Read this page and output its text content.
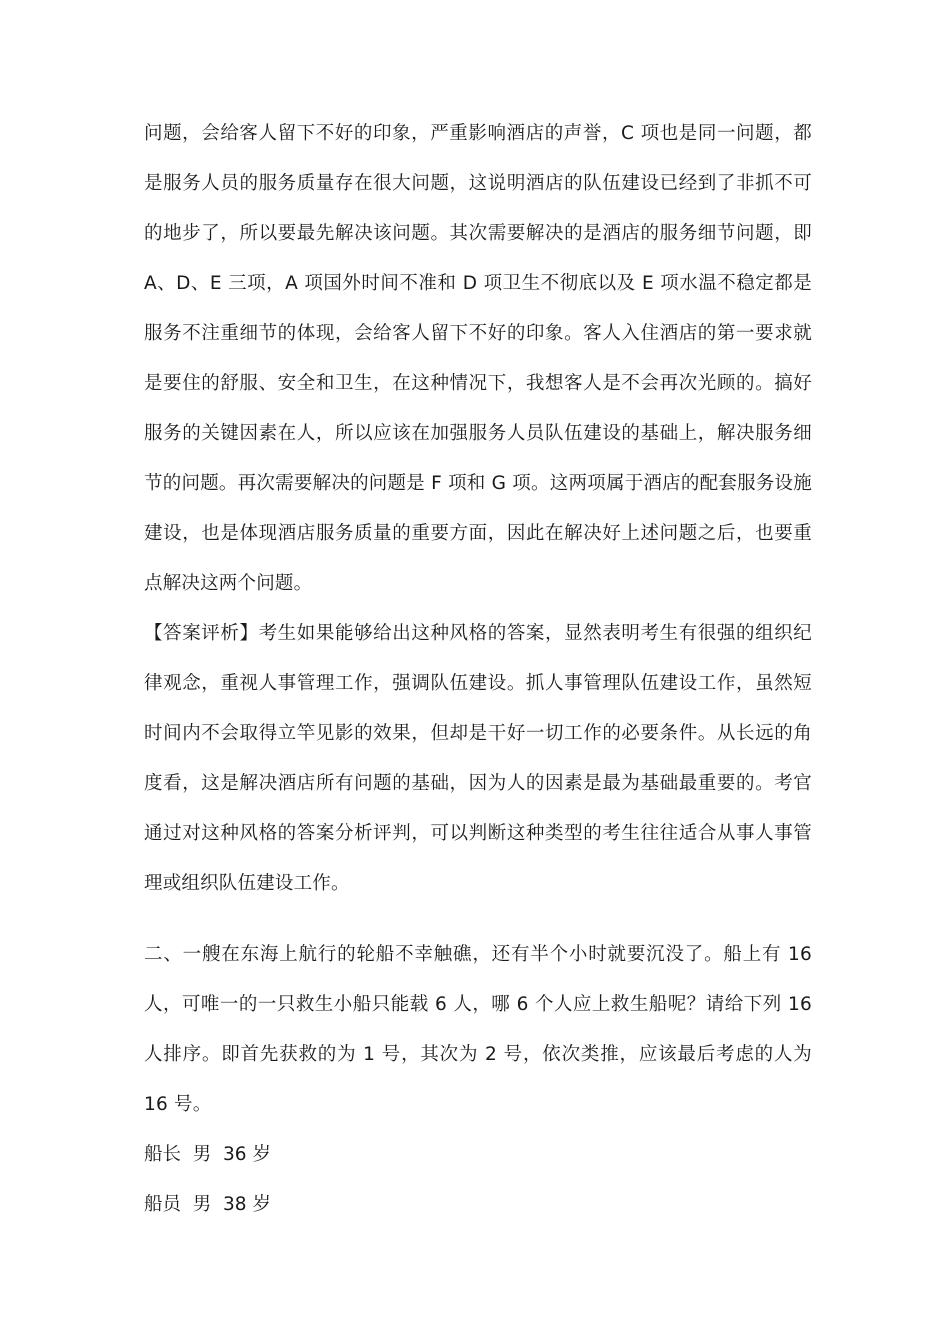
问题，会给客人留下不好的印象，严重影响酒店的声誉，C 项也是同一问题，都是服务人员的服务质量存在很大问题，这说明酒店的队伍建设已经到了非抓不可的地步了，所以要最先解决该问题。其次需要解决的是酒店的服务细节问题，即A、D、E 三项，A 项国外时间不准和 D 项卫生不彻底以及 E 项水温不稳定都是服务不注重细节的体现，会给客人留下不好的印象。客人入住酒店的第一要求就是要住的舒服、安全和卫生，在这种情况下，我想客人是不会再次光顾的。搞好服务的关键因素在人，所以应该在加强服务人员队伍建设的基础上，解决服务细节的问题。再次需要解决的问题是 F 项和 G 项。这两项属于酒店的配套服务设施建设，也是体现酒店服务质量的重要方面，因此在解决好上述问题之后，也要重点解决这两个问题。

【答案评析】考生如果能够给出这种风格的答案，显然表明考生有很强的组织纪律观念，重视人事管理工作，强调队伍建设。抓人事管理队伍建设工作，虽然短时间内不会取得立竿见影的效果，但却是干好一切工作的必要条件。从长远的角度看，这是解决酒店所有问题的基础，因为人的因素是最为基础最重要的。考官通过对这种风格的答案分析评判，可以判断这种类型的考生往往适合从事人事管理或组织队伍建设工作。

二、一艘在东海上航行的轮船不幸触礁，还有半个小时就要沉没了。船上有 16 人，可唯一的一只救生小船只能载 6 人，哪 6 个人应上救生船呢？请给下列 16 人排序。即首先获救的为 1 号，其次为 2 号，依次类推，应该最后考虑的人为 16 号。

船长  男  36 岁
船员  男  38 岁
